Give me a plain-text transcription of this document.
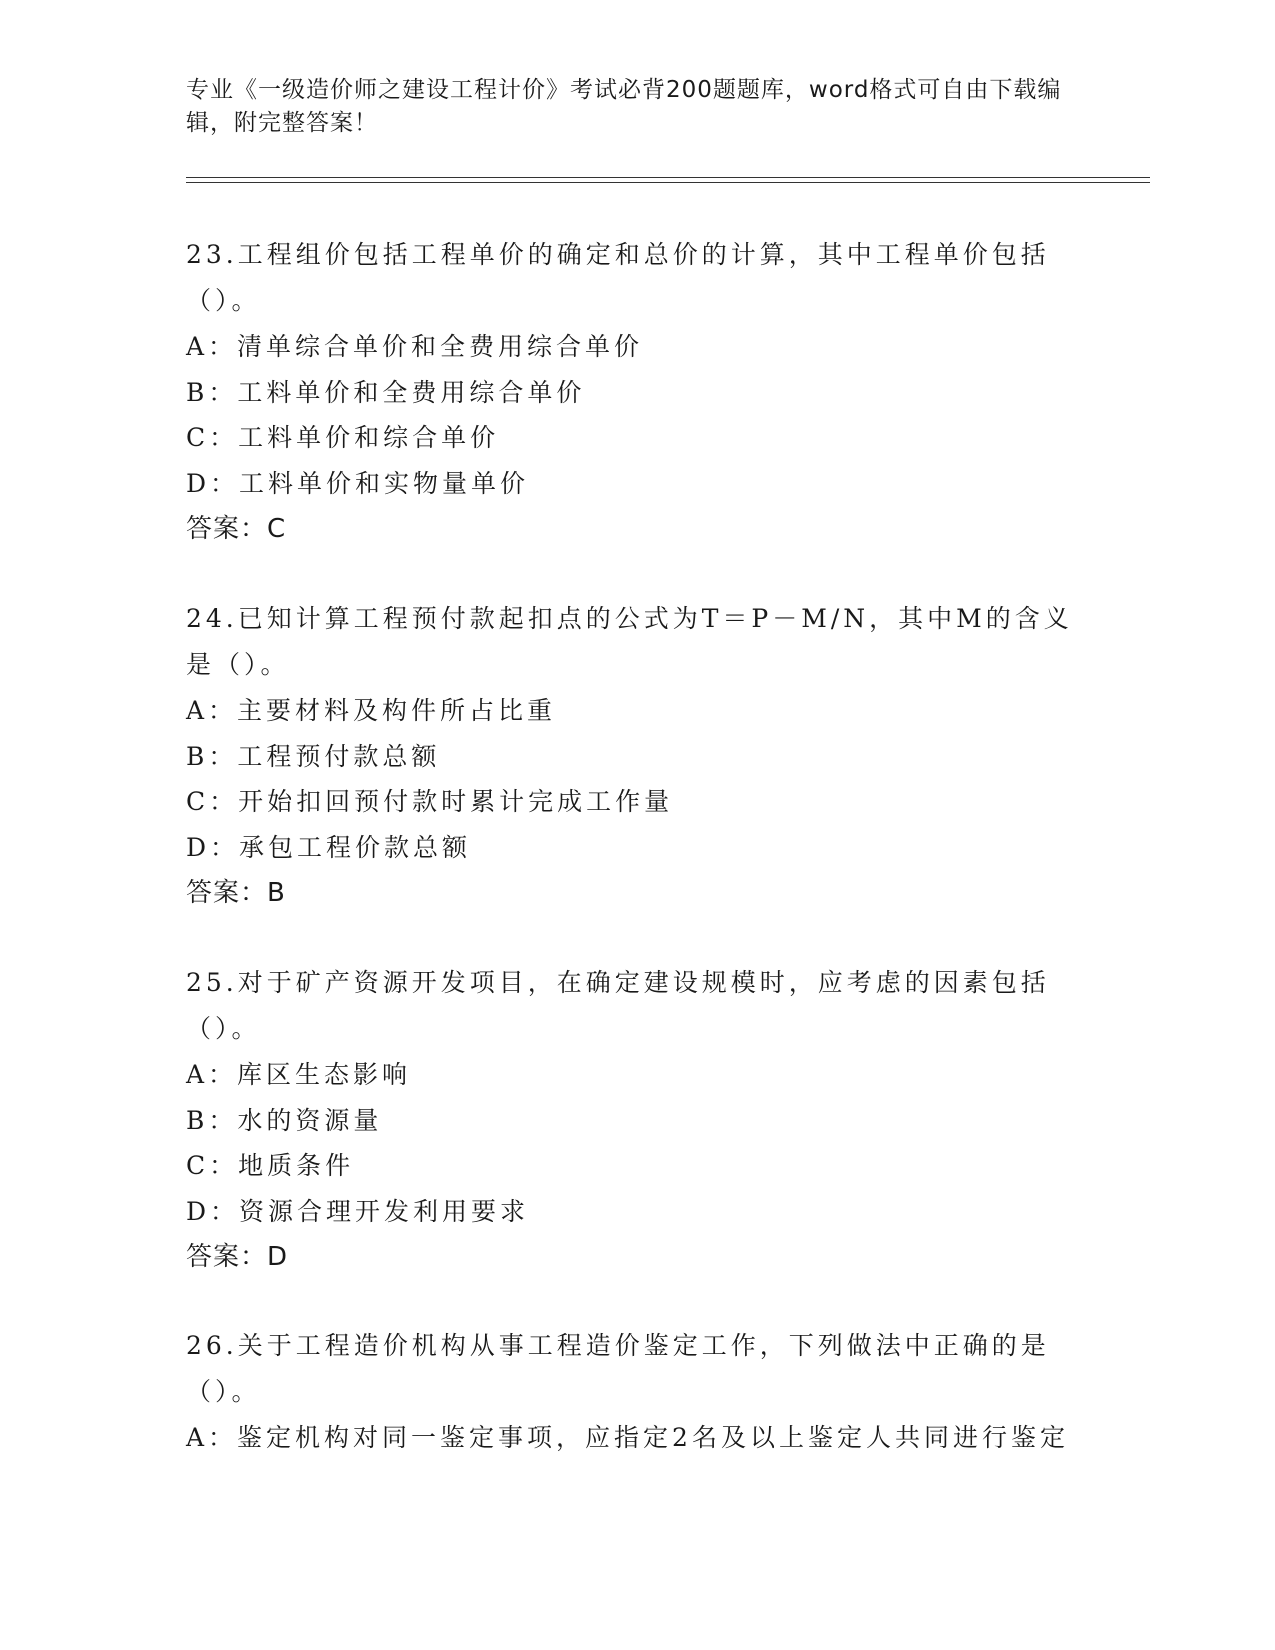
专业《一级造价师之建设工程计价》考试必背200题题库，word格式可自由下载编辑，附完整答案！

23.工程组价包括工程单价的确定和总价的计算，其中工程单价包括（）。

A：清单综合单价和全费用综合单价

B：工料单价和全费用综合单价

C：工料单价和综合单价

D：工料单价和实物量单价

答案：C

24.已知计算工程预付款起扣点的公式为T＝P－M/N，其中M的含义是（）。

A：主要材料及构件所占比重

B：工程预付款总额

C：开始扣回预付款时累计完成工作量

D：承包工程价款总额

答案：B

25.对于矿产资源开发项目，在确定建设规模时，应考虑的因素包括（）。

A：库区生态影响

B：水的资源量

C：地质条件

D：资源合理开发利用要求

答案：D

26.关于工程造价机构从事工程造价鉴定工作，下列做法中正确的是（）。

A：鉴定机构对同一鉴定事项，应指定2名及以上鉴定人共同进行鉴定
